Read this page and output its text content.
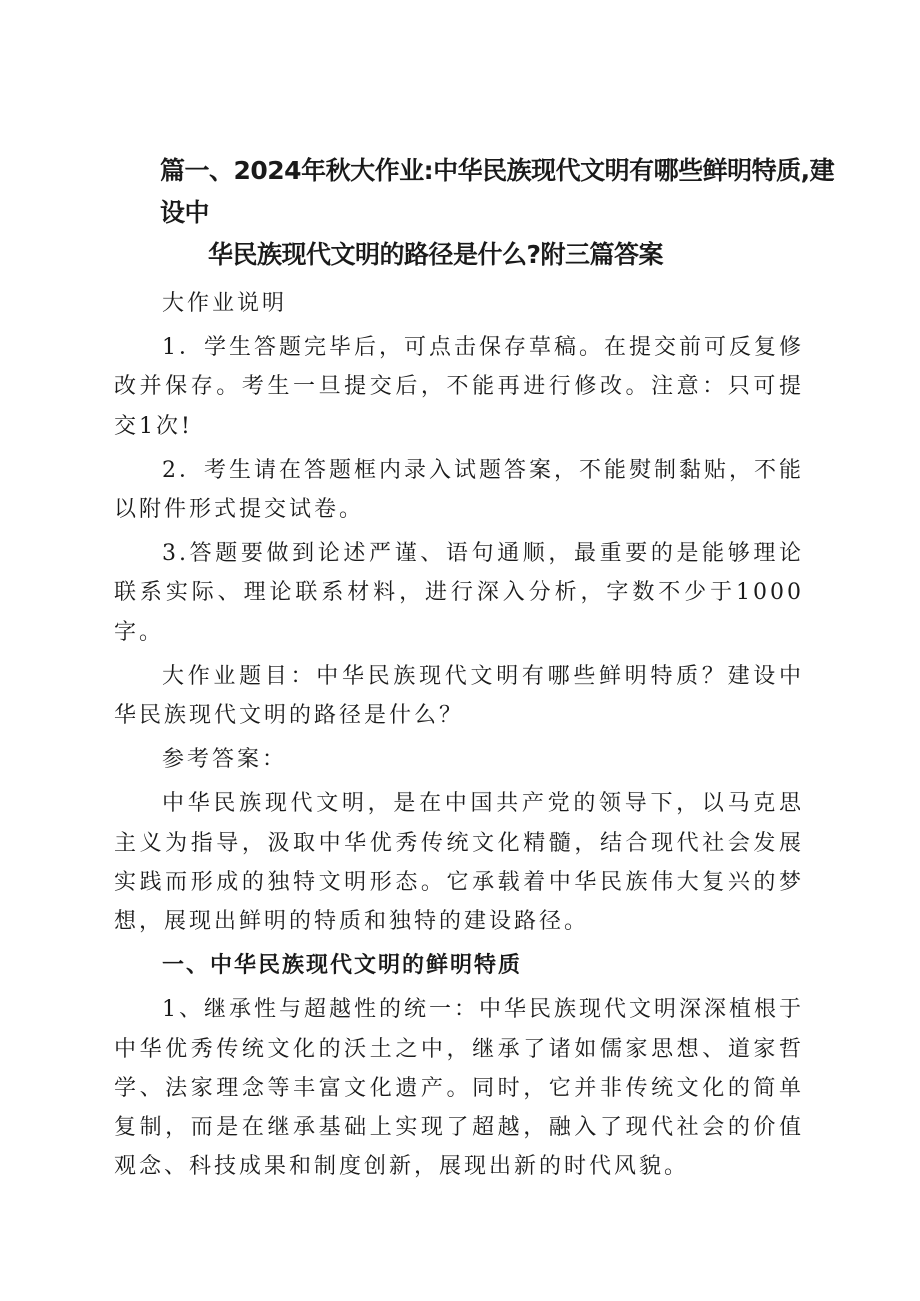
篇一、2024年秋大作业:中华民族现代文明有哪些鲜明特质,建设中
华民族现代文明的路径是什么?附三篇答案

大作业说明

1．学生答题完毕后，可点击保存草稿。在提交前可反复修改并保存。考生一旦提交后，不能再进行修改。注意：只可提交1次!

2．考生请在答题框内录入试题答案，不能熨制黏贴，不能以附件形式提交试卷。

3.答题要做到论述严谨、语句通顺，最重要的是能够理论联系实际、理论联系材料，进行深入分析，字数不少于1000字。

大作业题目：中华民族现代文明有哪些鲜明特质？建设中华民族现代文明的路径是什么？

参考答案：

中华民族现代文明，是在中国共产党的领导下，以马克思主义为指导，汲取中华优秀传统文化精髓，结合现代社会发展实践而形成的独特文明形态。它承载着中华民族伟大复兴的梦想，展现出鲜明的特质和独特的建设路径。

一、中华民族现代文明的鲜明特质

1、继承性与超越性的统一：中华民族现代文明深深植根于中华优秀传统文化的沃土之中，继承了诸如儒家思想、道家哲学、法家理念等丰富文化遗产。同时，它并非传统文化的简单复制，而是在继承基础上实现了超越，融入了现代社会的价值观念、科技成果和制度创新，展现出新的时代风貌。
